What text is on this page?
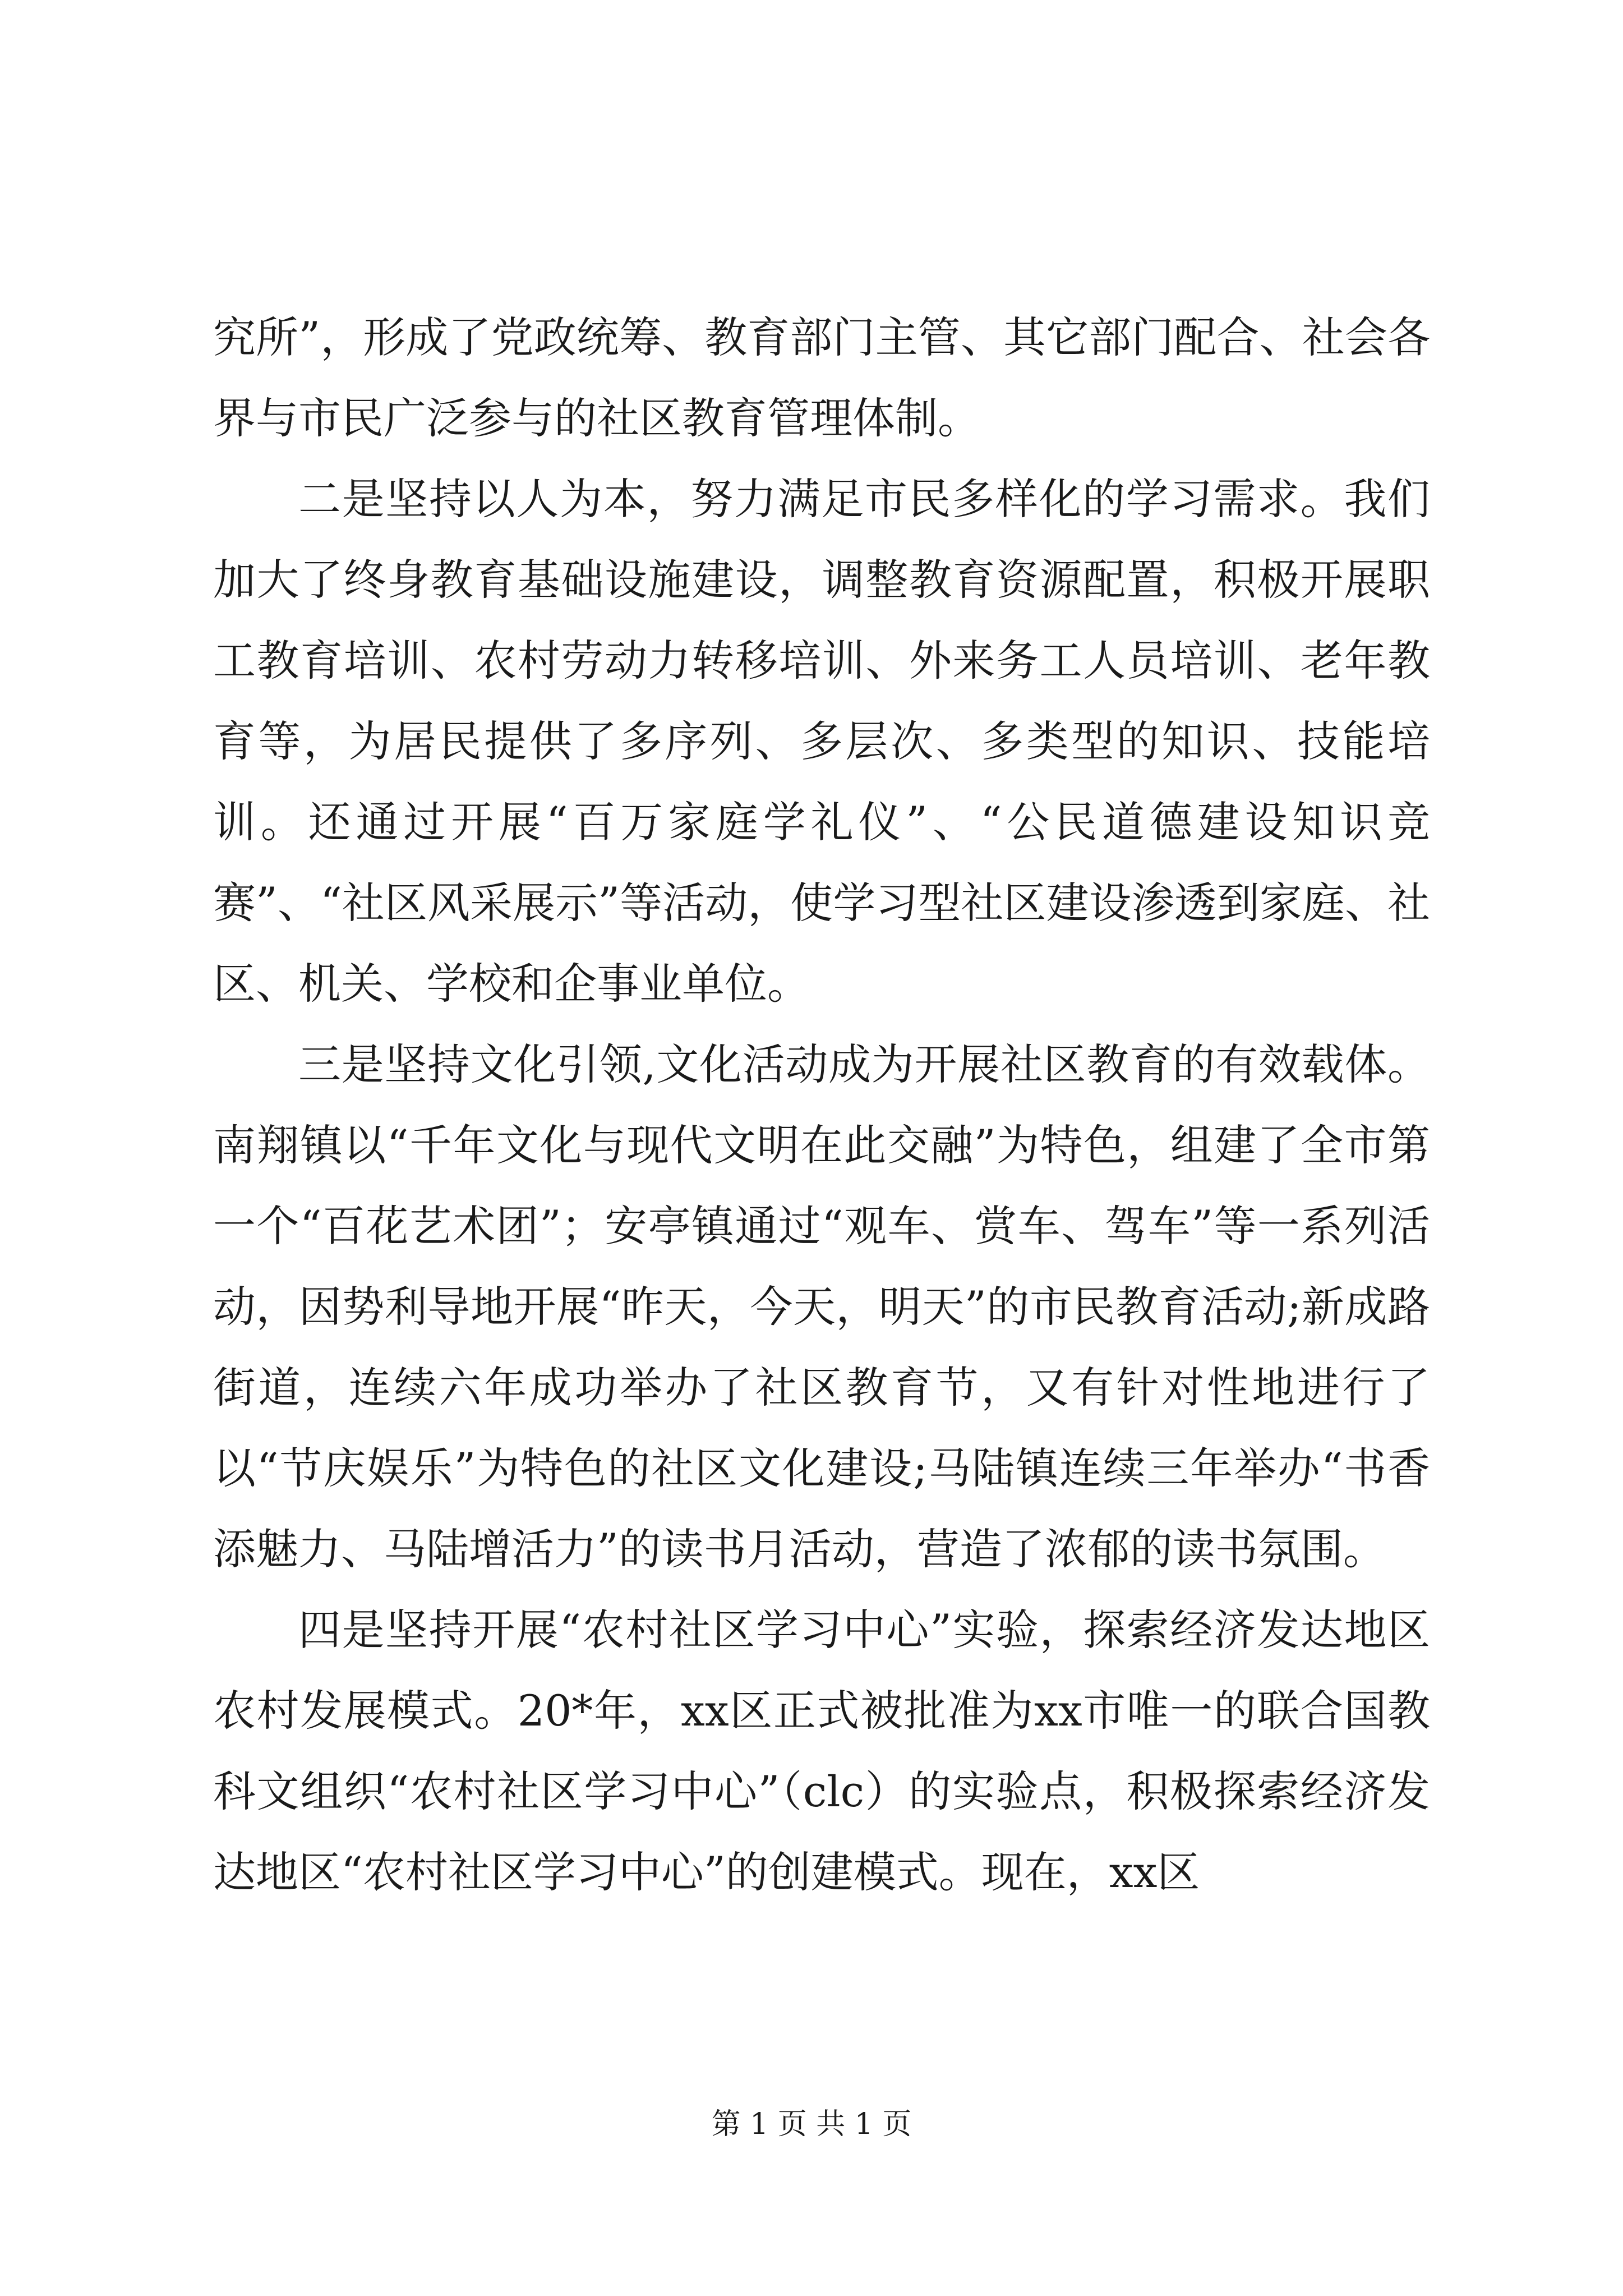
究所”，形成了党政统筹、教育部门主管、其它部门配合、社会各界与市民广泛参与的社区教育管理体制。

二是坚持以人为本，努力满足市民多样化的学习需求。我们加大了终身教育基础设施建设，调整教育资源配置，积极开展职工教育培训、农村劳动力转移培训、外来务工人员培训、老年教育等，为居民提供了多序列、多层次、多类型的知识、技能培训。还通过开展“百万家庭学礼仪”、“公民道德建设知识竞赛”、“社区风采展示”等活动，使学习型社区建设渗透到家庭、社区、机关、学校和企事业单位。

三是坚持文化引领,文化活动成为开展社区教育的有效载体。南翔镇以“千年文化与现代文明在此交融”为特色，组建了全市第一个“百花艺术团”；安亭镇通过“观车、赏车、驾车”等一系列活动，因势利导地开展“昨天，今天，明天”的市民教育活动;新成路街道，连续六年成功举办了社区教育节，又有针对性地进行了以“节庆娱乐”为特色的社区文化建设;马陆镇连续三年举办“书香添魅力、马陆增活力”的读书月活动，营造了浓郁的读书氛围。

四是坚持开展“农村社区学习中心”实验，探索经济发达地区农村发展模式。20*年，xx区正式被批准为xx市唯一的联合国教科文组织“农村社区学习中心”（clc）的实验点，积极探索经济发达地区“农村社区学习中心”的创建模式。现在，xx区

第 1 页 共 1 页
